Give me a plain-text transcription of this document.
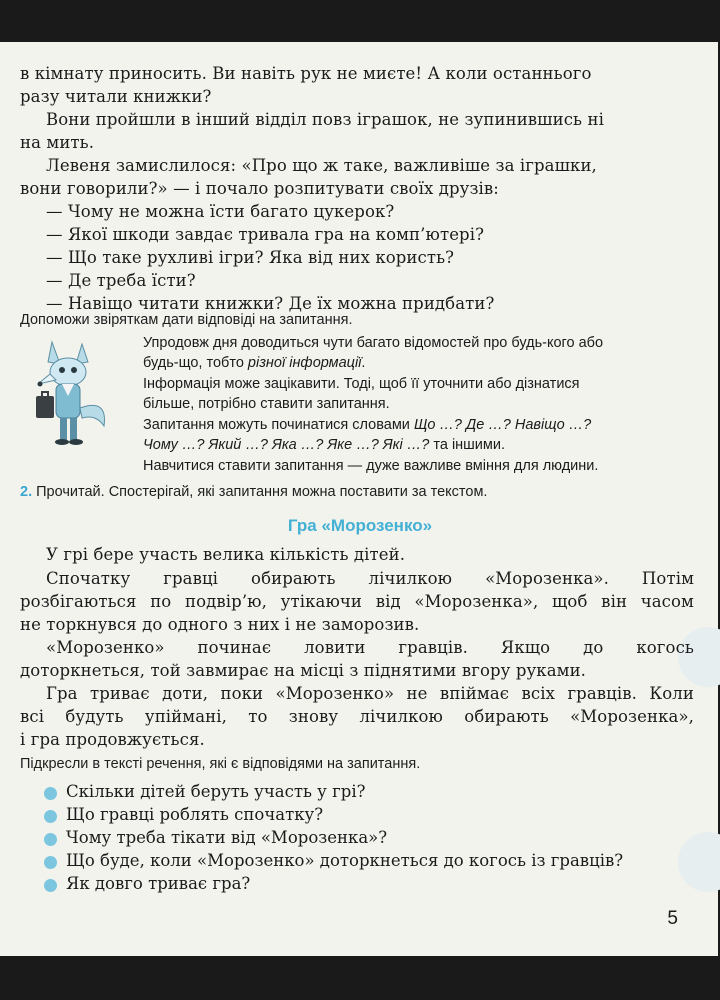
в кімнату приносить. Ви навіть рук не миєте! А коли останнього
разу читали книжки?
Вони пройшли в інший відділ повз іграшок, не зупинившись ні
на мить.
Левеня замислилося: «Про що ж таке, важливіше за іграшки,
вони говорили?» — і почало розпитувати своїх друзів:
— Чому не можна їсти багато цукерок?
— Якої шкоди завдає тривала гра на комп’ютері?
— Що таке рухливі ігри? Яка від них користь?
— Де треба їсти?
— Навіщо читати книжки? Де їх можна придбати?
Допоможи звіряткам дати відповіді на запитання.
Упродовж дня доводиться чути багато відомостей про будь-кого або
будь-що, тобто різної інформації.
Інформація може зацікавити. Тоді, щоб її уточнити або дізнатися
більше, потрібно ставити запитання.
Запитання можуть починатися словами Що …? Де …? Навіщо …?
Чому …? Який …? Яка …? Яке …? Які …? та іншими.
Навчитися ставити запитання — дуже важливе вміння для людини.
2. Прочитай. Спостерігай, які запитання можна поставити за текстом.
Гра «Морозенко»
У грі бере участь велика кількість дітей.
Спочатку гравці обирають лічилкою «Морозенка». Потім
розбігаються по подвір’ю, утікаючи від «Морозенка», щоб він часом
не торкнувся до одного з них і не заморозив.
«Морозенко» починає ловити гравців. Якщо до когось
доторкнеться, той завмирає на місці з піднятими вгору руками.
Гра триває доти, поки «Морозенко» не впіймає всіх гравців. Коли
всі будуть упіймані, то знову лічилкою обирають «Морозенка»,
і гра продовжується.
Підкресли в тексті речення, які є відповідями на запитання.
Скільки дітей беруть участь у грі?
Що гравці роблять спочатку?
Чому треба тікати від «Морозенка»?
Що буде, коли «Морозенко» доторкнеться до когось із гравців?
Як довго триває гра?
5
